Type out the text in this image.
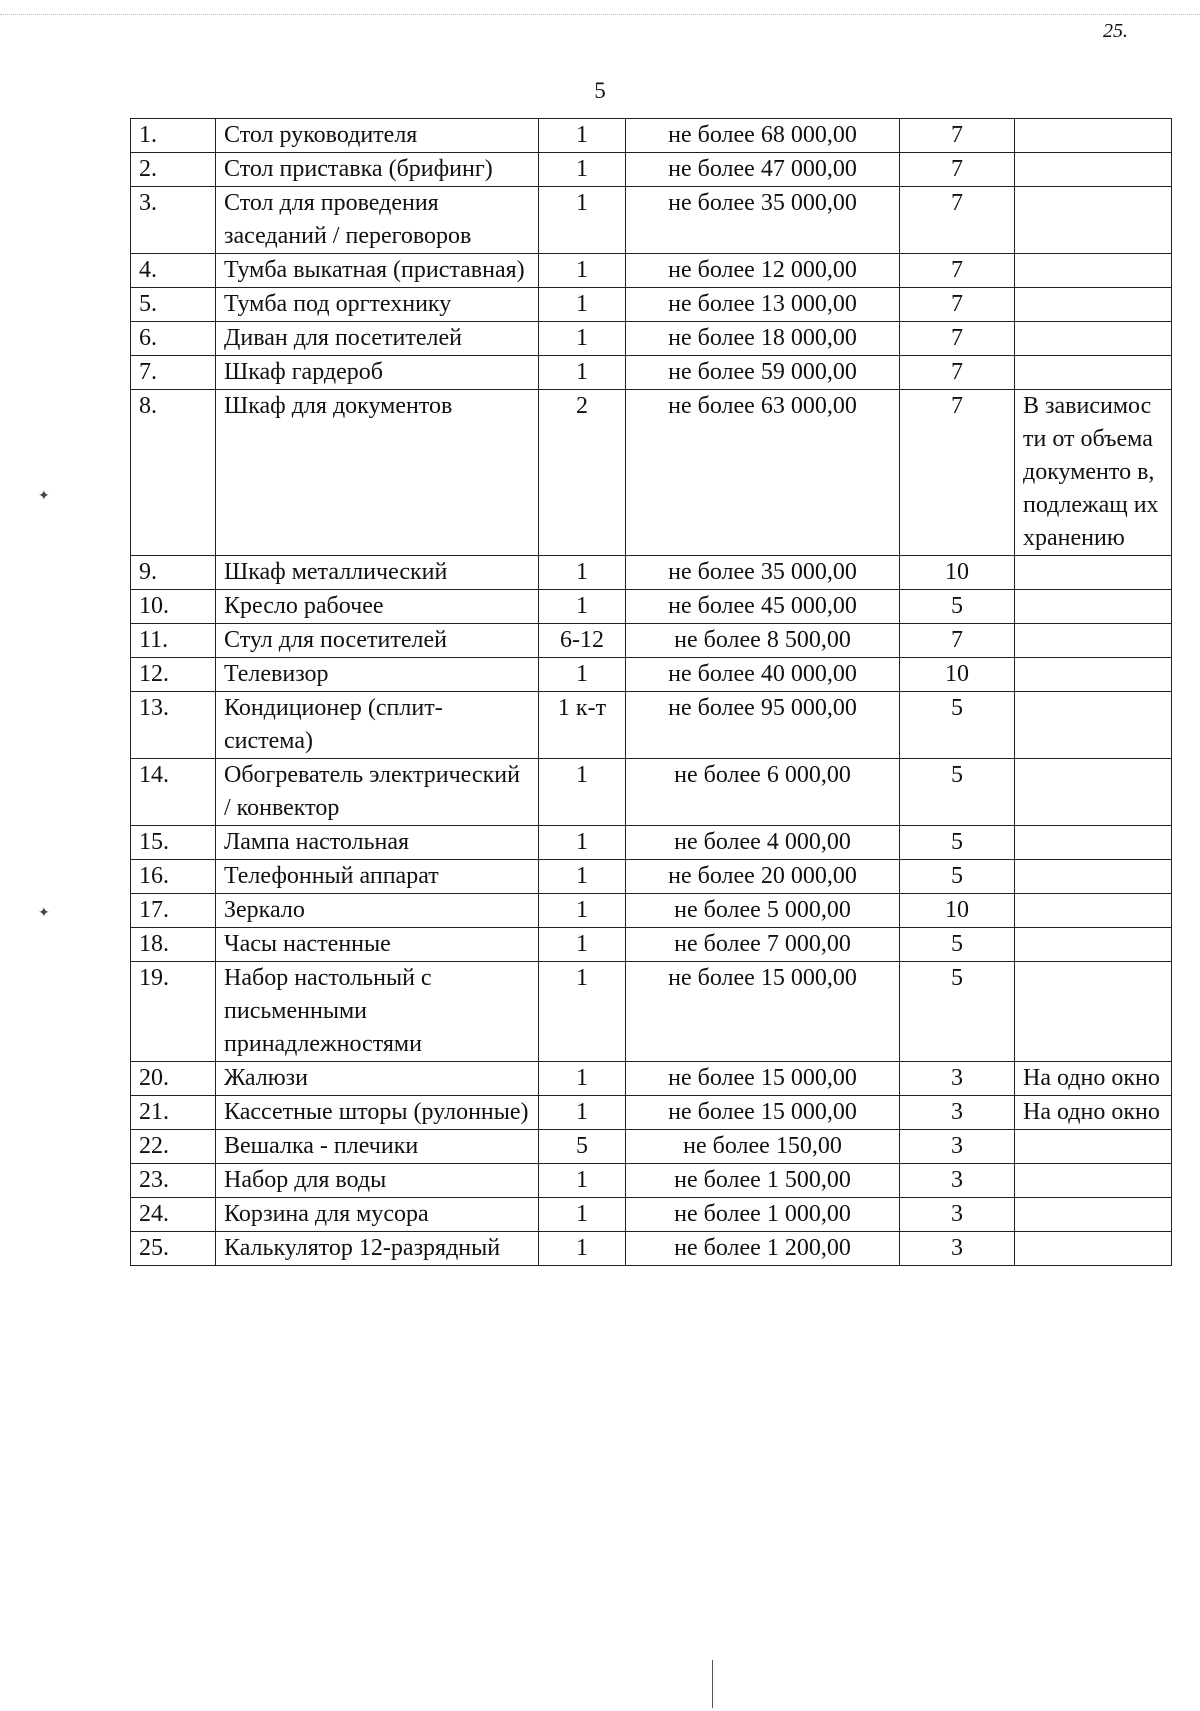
25.
5
✦
✦
1.	Стол руководителя	1	не более 68 000,00	7	
2.	Стол приставка (брифинг)	1	не более 47 000,00	7	
3.	Стол для проведения заседаний / переговоров	1	не более 35 000,00	7	
4.	Тумба выкатная (приставная)	1	не более 12 000,00	7	
5.	Тумба под оргтехнику	1	не более 13 000,00	7	
6.	Диван для посетителей	1	не более 18 000,00	7	
7.	Шкаф гардероб	1	не более 59 000,00	7	
8.	Шкаф для документов	2	не более 63 000,00	7	В зависимос ти от объема документо в, подлежащ их хранению
9.	Шкаф металлический	1	не более 35 000,00	10	
10.	Кресло рабочее	1	не более 45 000,00	5	
11.	Стул для посетителей	6-12	не более 8 500,00	7	
12.	Телевизор	1	не более 40 000,00	10	
13.	Кондиционер (сплит-система)	1 к-т	не более 95 000,00	5	
14.	Обогреватель электрический / конвектор	1	не более 6 000,00	5	
15.	Лампа настольная	1	не более 4 000,00	5	
16.	Телефонный аппарат	1	не более 20 000,00	5	
17.	Зеркало	1	не более 5 000,00	10	
18.	Часы настенные	1	не более 7 000,00	5	
19.	Набор настольный с письменными принадлежностями	1	не более 15 000,00	5	
20.	Жалюзи	1	не более 15 000,00	3	На одно окно
21.	Кассетные шторы (рулонные)	1	не более 15 000,00	3	На одно окно
22.	Вешалка - плечики	5	не более 150,00	3	
23.	Набор для воды	1	не более 1 500,00	3	
24.	Корзина для мусора	1	не более 1 000,00	3	
25.	Калькулятор 12-разрядный	1	не более 1 200,00	3	
